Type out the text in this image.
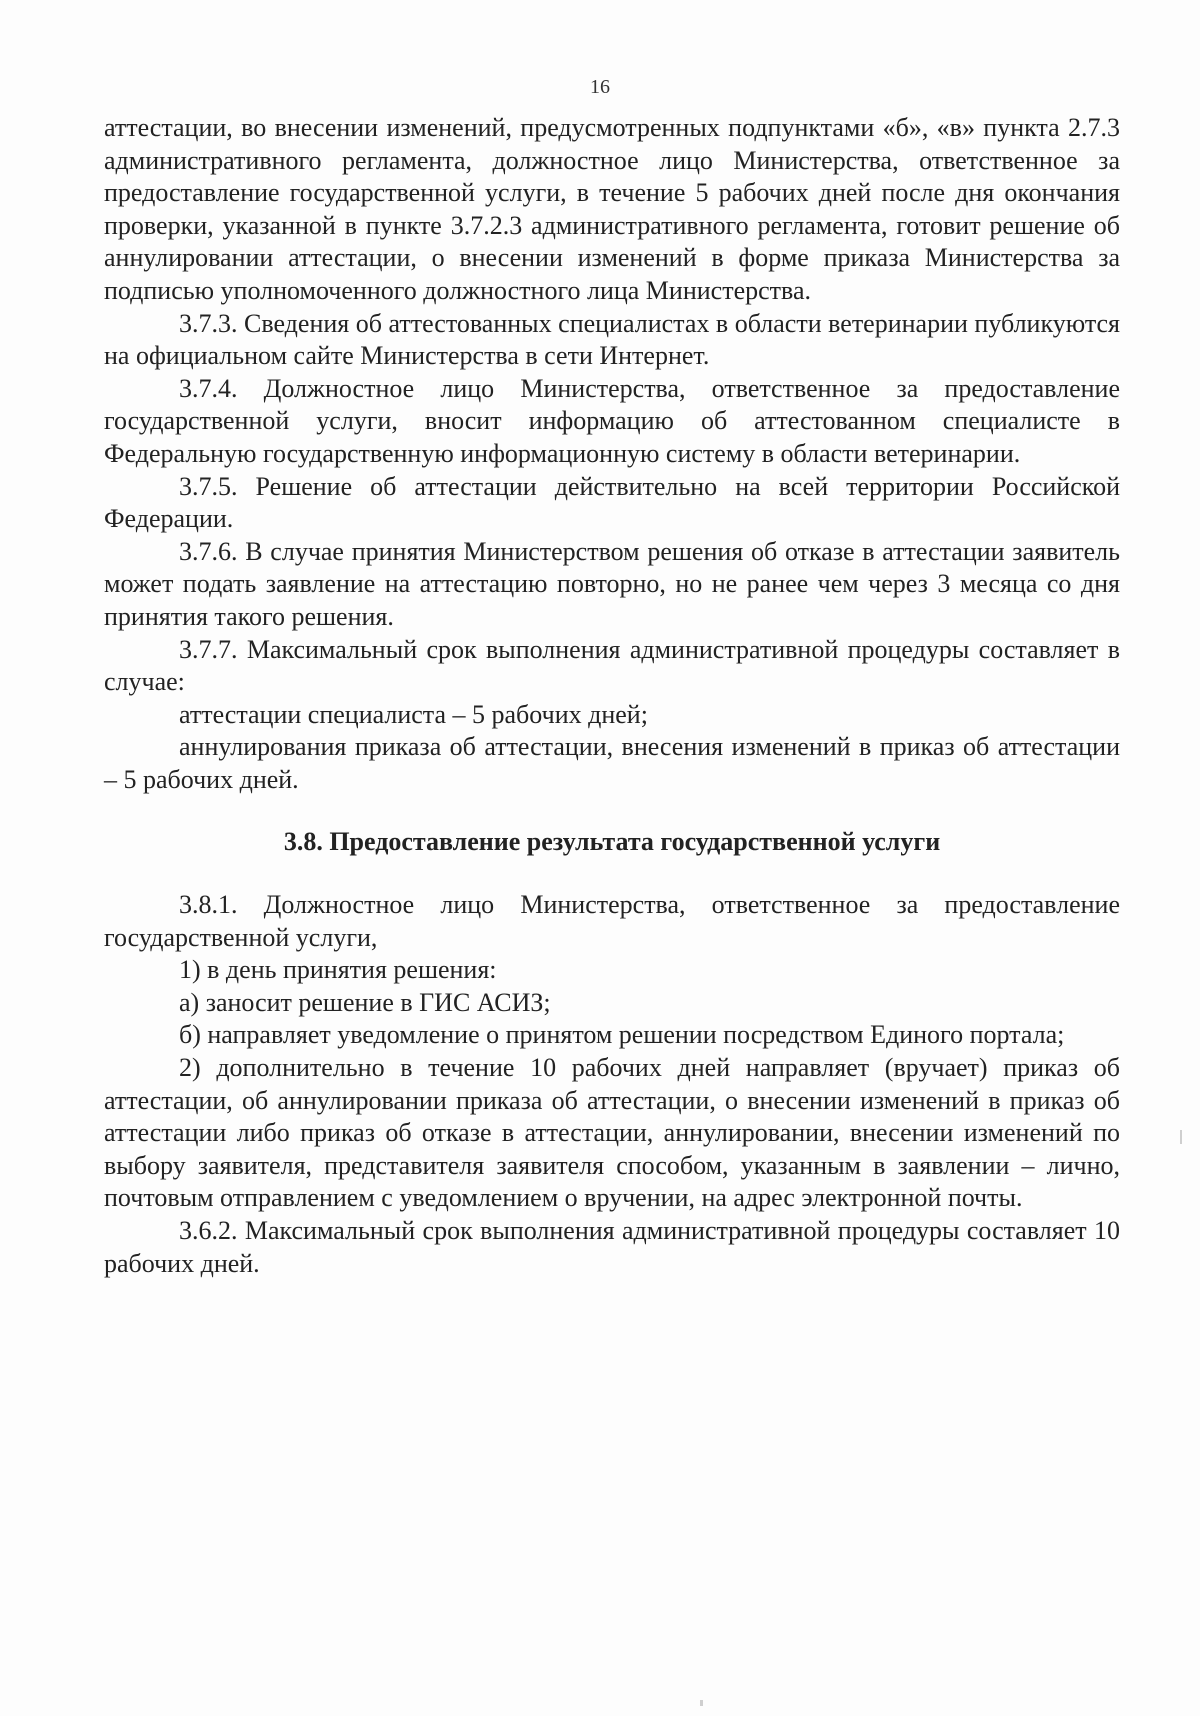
16

аттестации, во внесении изменений, предусмотренных подпунктами «б», «в» пункта 2.7.3 административного регламента, должностное лицо Министерства, ответственное за предоставление государственной услуги, в течение 5 рабочих дней после дня окончания проверки, указанной в пункте 3.7.2.3 административного регламента, готовит решение об аннулировании аттестации, о внесении изменений в форме приказа Министерства за подписью уполномоченного должностного лица Министерства.

3.7.3. Сведения об аттестованных специалистах в области ветеринарии публикуются на официальном сайте Министерства в сети Интернет.

3.7.4. Должностное лицо Министерства, ответственное за предоставление государственной услуги, вносит информацию об аттестованном специалисте в Федеральную государственную информационную систему в области ветеринарии.

3.7.5. Решение об аттестации действительно на всей территории Российской Федерации.

3.7.6. В случае принятия Министерством решения об отказе в аттестации заявитель может подать заявление на аттестацию повторно, но не ранее чем через 3 месяца со дня принятия такого решения.

3.7.7. Максимальный срок выполнения административной процедуры составляет в случае:

аттестации специалиста – 5 рабочих дней;

аннулирования приказа об аттестации, внесения изменений в приказ об аттестации – 5 рабочих дней.

3.8. Предоставление результата государственной услуги

3.8.1. Должностное лицо Министерства, ответственное за предоставление государственной услуги,

1) в день принятия решения:

а) заносит решение в ГИС АСИЗ;

б) направляет уведомление о принятом решении посредством Единого портала;

2) дополнительно в течение 10 рабочих дней направляет (вручает) приказ об аттестации, об аннулировании приказа об аттестации, о внесении изменений в приказ об аттестации либо приказ об отказе в аттестации, аннулировании, внесении изменений по выбору заявителя, представителя заявителя способом, указанным в заявлении – лично, почтовым отправлением с уведомлением о вручении, на адрес электронной почты.

3.6.2. Максимальный срок выполнения административной процедуры составляет 10 рабочих дней.
